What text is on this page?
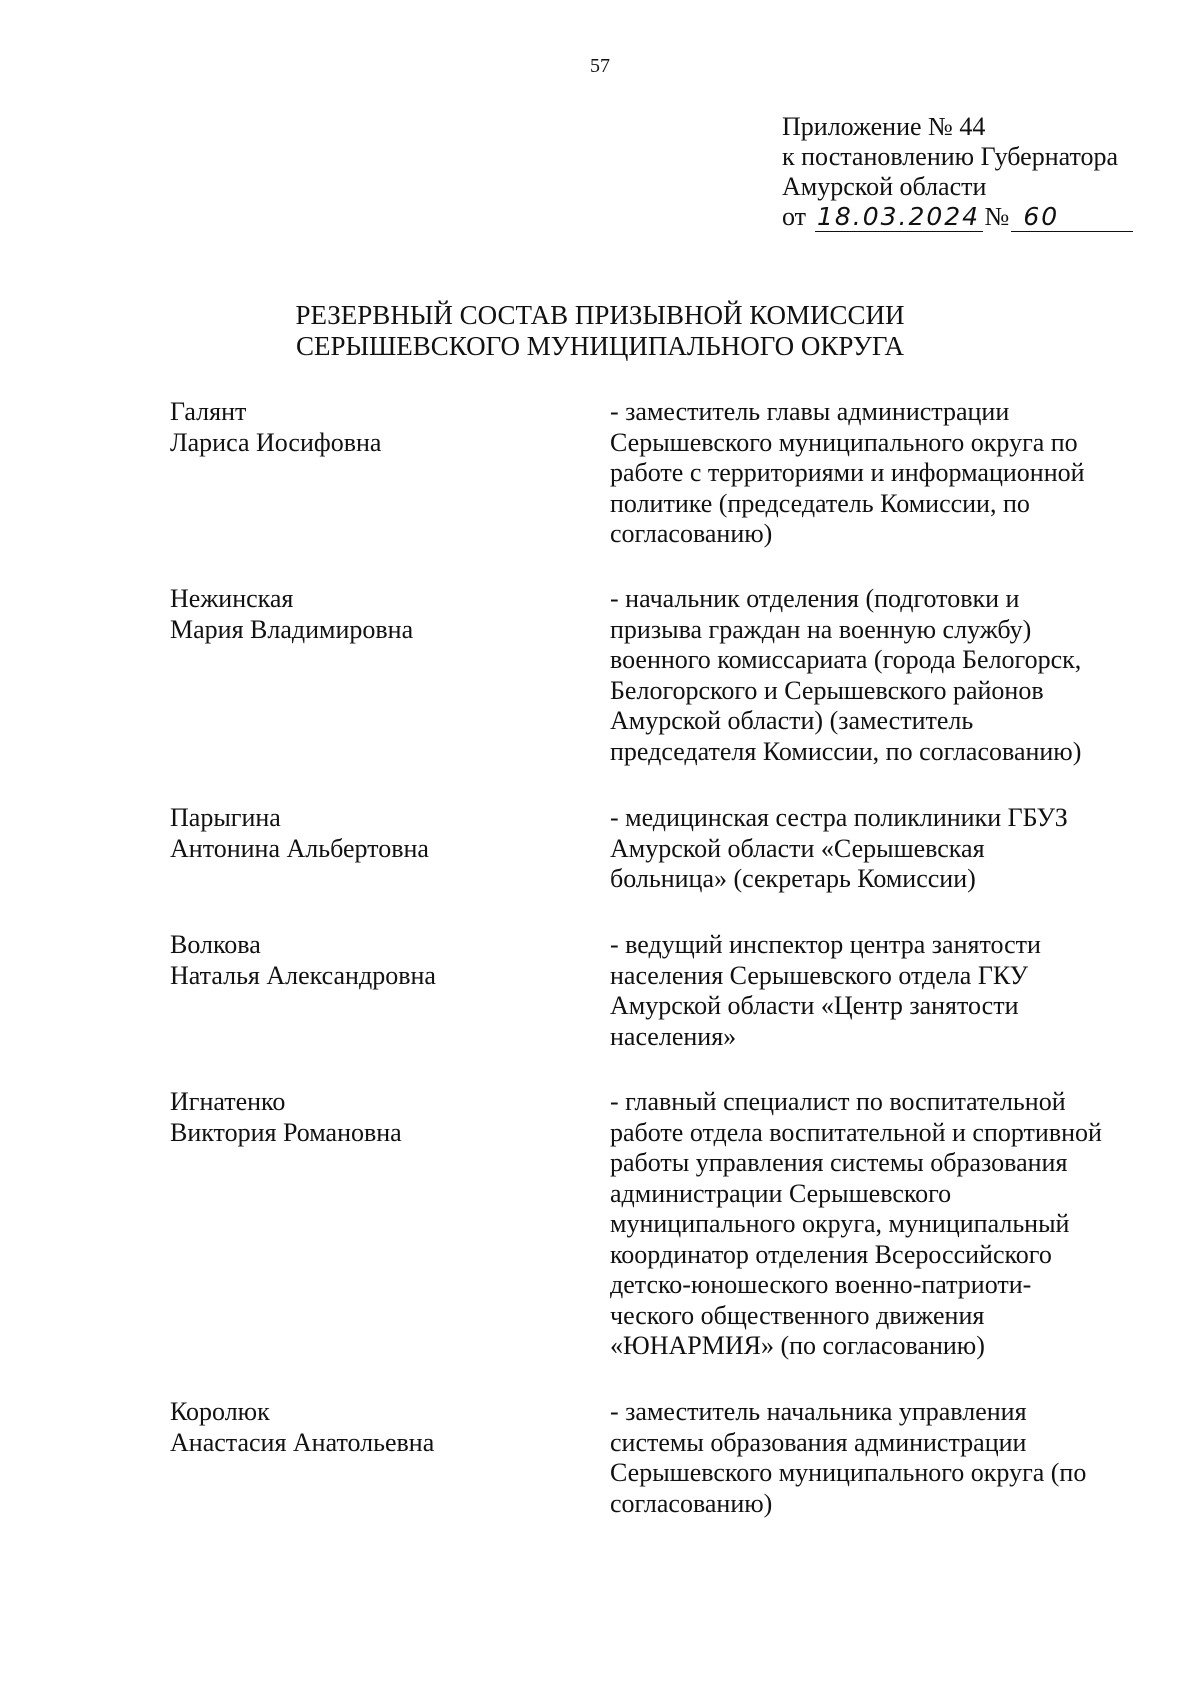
57
Приложение № 44
к постановлению Губернатора
Амурской области
от 18.03.2024 № 60
РЕЗЕРВНЫЙ СОСТАВ ПРИЗЫВНОЙ КОМИССИИ
СЕРЫШЕВСКОГО МУНИЦИПАЛЬНОГО ОКРУГА
Галянт
Лариса Иосифовна
- заместитель главы администрации
Серышевского муниципального округа по
работе с территориями и информационной
политике (председатель Комиссии, по
согласованию)
Нежинская
Мария Владимировна
- начальник отделения (подготовки и
призыва граждан на военную службу)
военного комиссариата (города Белогорск,
Белогорского и Серышевского районов
Амурской области) (заместитель
председателя Комиссии, по согласованию)
Парыгина
Антонина Альбертовна
- медицинская сестра поликлиники ГБУЗ
Амурской области «Серышевская
больница» (секретарь Комиссии)
Волкова
Наталья Александровна
- ведущий инспектор центра занятости
населения Серышевского отдела ГКУ
Амурской области «Центр занятости
населения»
Игнатенко
Виктория Романовна
- главный специалист по воспитательной
работе отдела воспитательной и спортивной
работы управления системы образования
администрации Серышевского
муниципального округа, муниципальный
координатор отделения Всероссийского
детско-юношеского военно-патриоти-
ческого общественного движения
«ЮНАРМИЯ» (по согласованию)
Королюк
Анастасия Анатольевна
- заместитель начальника управления
системы образования администрации
Серышевского муниципального округа (по
согласованию)
